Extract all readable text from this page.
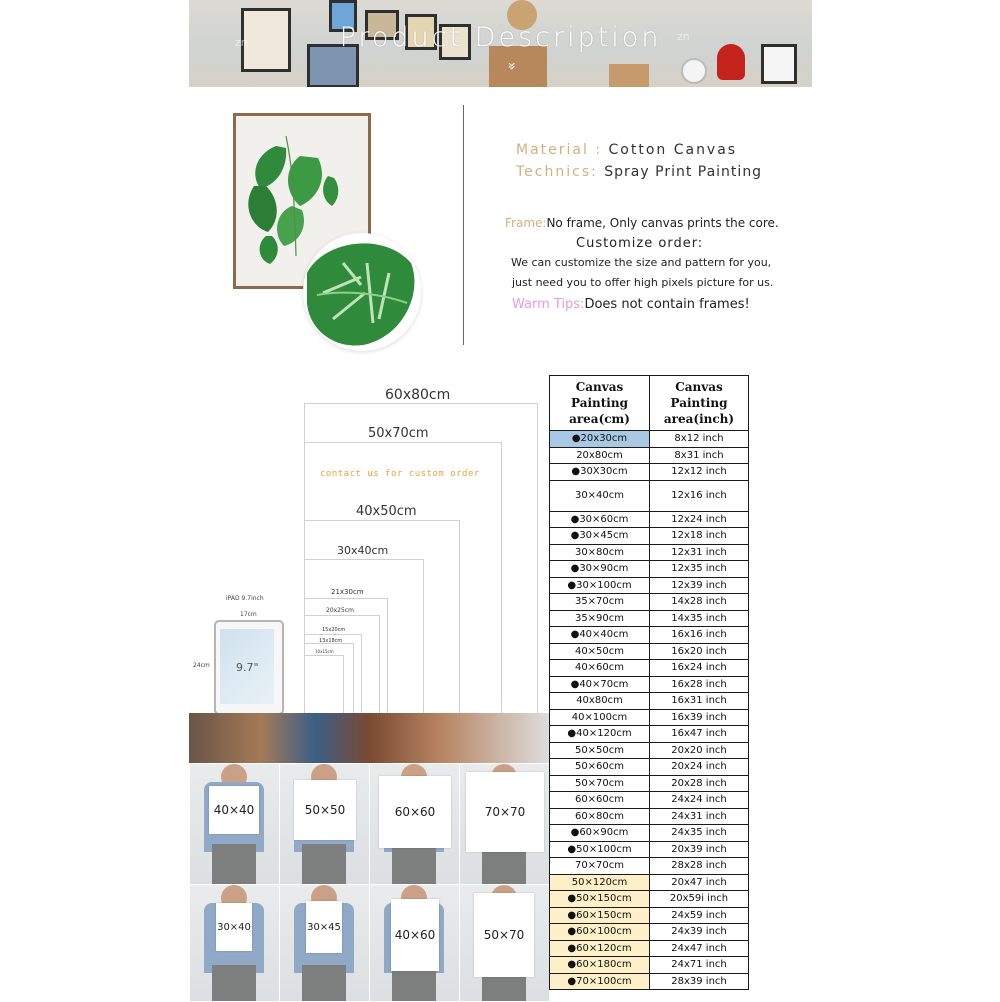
zn	zn
Product Description
»
Material : Cotton Canvas
Technics: Spray Print Painting
Frame:No frame, Only canvas prints the core.
Customize order:
We can customize the size and pattern for you,
just need you to offer high pixels picture for us.
Warm Tips:Does not contain frames!
60x80cm
50x70cm
contact us for custom order
40x50cm
30x40cm
21x30cm
20x25cm
15x20cm
13x18cm
10x15cm
iPAD 9.7inch
17cm
24cm 9.7"
40×40	50×50	60×60	70×70
30×40	30×45
40×60	50×70
Canvas Painting area(cm)	Canvas Painting area(inch)
●20x30cm	8x12 inch
20x80cm	8x31 inch
●30X30cm	12x12 inch
30×40cm	12x16 inch
●30×60cm	12x24 inch
●30×45cm	12x18 inch
30×80cm	12x31 inch
●30×90cm	12x35 inch
●30×100cm	12x39 inch
35×70cm	14x28 inch
35×90cm	14x35 inch
●40×40cm	16x16 inch
40×50cm	16x20 inch
40×60cm	16x24 inch
●40×70cm	16x28 inch
40x80cm	16x31 inch
40×100cm	16x39 inch
●40×120cm	16x47 inch
50×50cm	20x20 inch
50×60cm	20x24 inch
50×70cm	20x28 inch
60×60cm	24x24 inch
60×80cm	24x31 inch
●60×90cm	24x35 inch
●50×100cm	20x39 inch
70×70cm	28x28 inch
50×120cm	20x47 inch
●50×150cm	20x59i inch
●60×150cm	24x59 inch
●60×100cm	24x39 inch
●60×120cm	24x47 inch
●60×180cm	24x71 inch
●70×100cm	28x39 inch
